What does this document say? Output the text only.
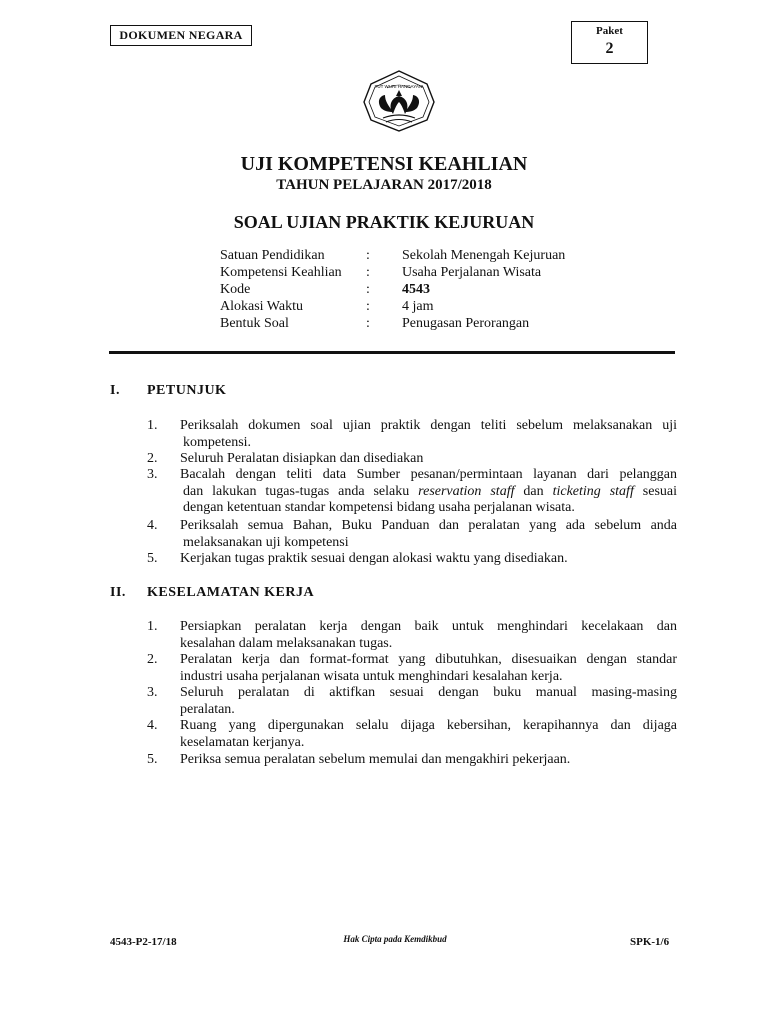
DOKUMEN NEGARA	Paket
2
TUT WURI HANDAYANI
UJI KOMPETENSI KEAHLIAN
TAHUN PELAJARAN 2017/2018
SOAL UJIAN PRAKTIK KEJURUAN
Satuan Pendidikan	: Sekolah Menengah Kejuruan
Kompetensi Keahlian : Usaha Perjalanan Wisata
Kode	: 4543
Alokasi Waktu	: 4 jam
Bentuk Soal	: Penugasan Perorangan
I. PETUNJUK
1. Periksalah dokumen soal ujian praktik dengan teliti sebelum melaksanakan uji
kompetensi.
2. Seluruh Peralatan disiapkan dan disediakan
3. Bacalah dengan teliti data Sumber pesanan/permintaan layanan dari pelanggan
dan lakukan tugas-tugas anda selaku reservation staff dan ticketing staff sesuai
dengan ketentuan standar kompetensi bidang usaha perjalanan wisata.
4. Periksalah semua Bahan, Buku Panduan dan peralatan yang ada sebelum anda
melaksanakan uji kompetensi
5. Kerjakan tugas praktik sesuai dengan alokasi waktu yang disediakan.
II. KESELAMATAN KERJA
1. Persiapkan peralatan kerja dengan baik untuk menghindari kecelakaan dan
kesalahan dalam melaksanakan tugas.
2. Peralatan kerja dan format-format yang dibutuhkan, disesuaikan dengan standar
industri usaha perjalanan wisata untuk menghindari kesalahan kerja.
3. Seluruh peralatan di aktifkan sesuai dengan buku manual masing-masing
peralatan.
4. Ruang yang dipergunakan selalu dijaga kebersihan, kerapihannya dan dijaga
keselamatan kerjanya.
5. Periksa semua peralatan sebelum memulai dan mengakhiri pekerjaan.
4543-P2-17/18	Hak Cipta pada Kemdikbud	SPK-1/6
